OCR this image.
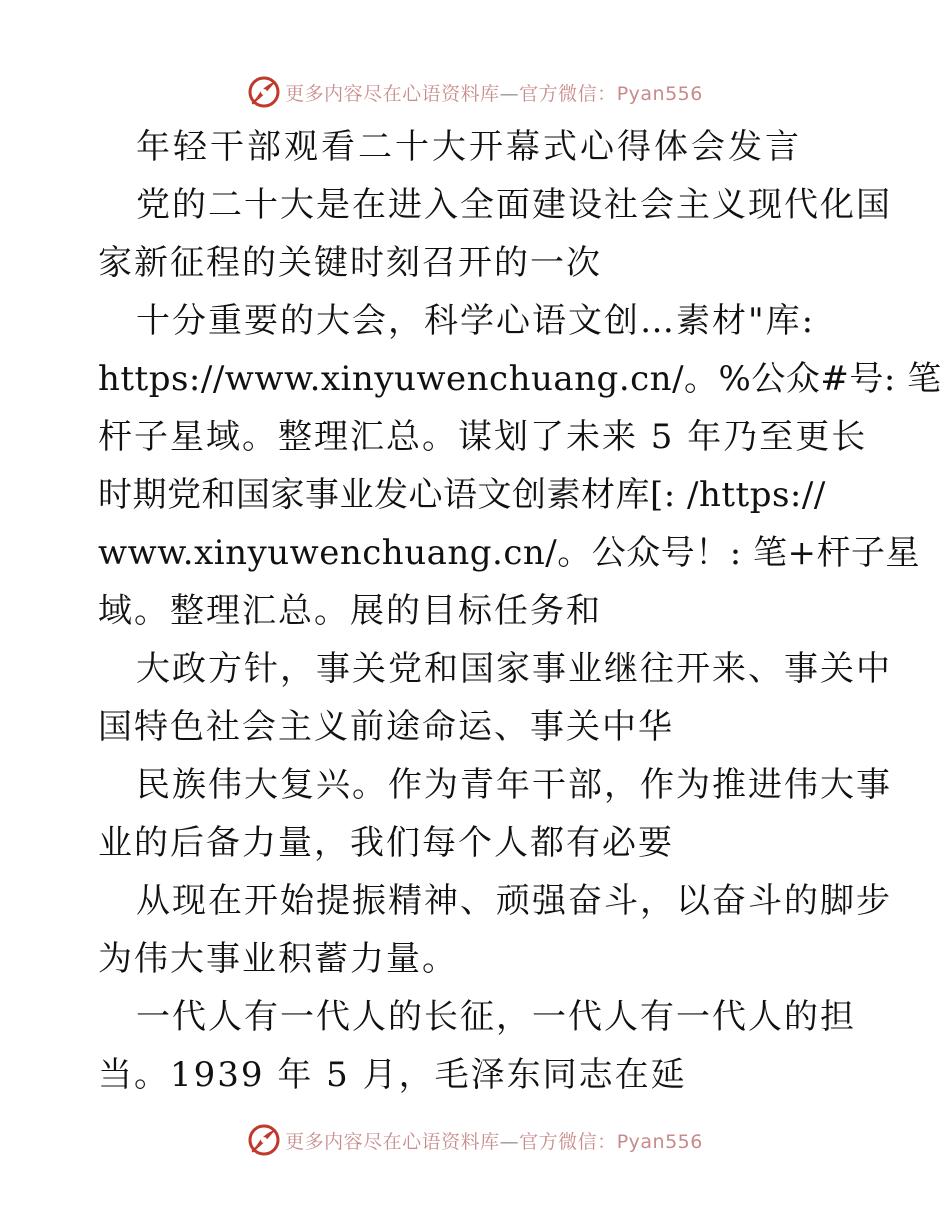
更多内容尽在心语资料库—官方微信：Pyan556
年轻干部观看二十大开幕式心得体会发言
党的二十大是在进入全面建设社会主义现代化国
家新征程的关键时刻召开的一次
十分重要的大会，科学心语文创…素材"库:
https://www.xinyuwenchuang.cn/。%公众#号: 笔
杆子星域。整理汇总。谋划了未来 5 年乃至更长
时期党和国家事业发心语文创素材库[: /https://
www.xinyuwenchuang.cn/。公众号！: 笔+杆子星
域。整理汇总。展的目标任务和
大政方针，事关党和国家事业继往开来、事关中
国特色社会主义前途命运、事关中华
民族伟大复兴。作为青年干部，作为推进伟大事
业的后备力量，我们每个人都有必要
从现在开始提振精神、顽强奋斗，以奋斗的脚步
为伟大事业积蓄力量。
一代人有一代人的长征，一代人有一代人的担
当。1939 年 5 月，毛泽东同志在延
更多内容尽在心语资料库—官方微信：Pyan556
